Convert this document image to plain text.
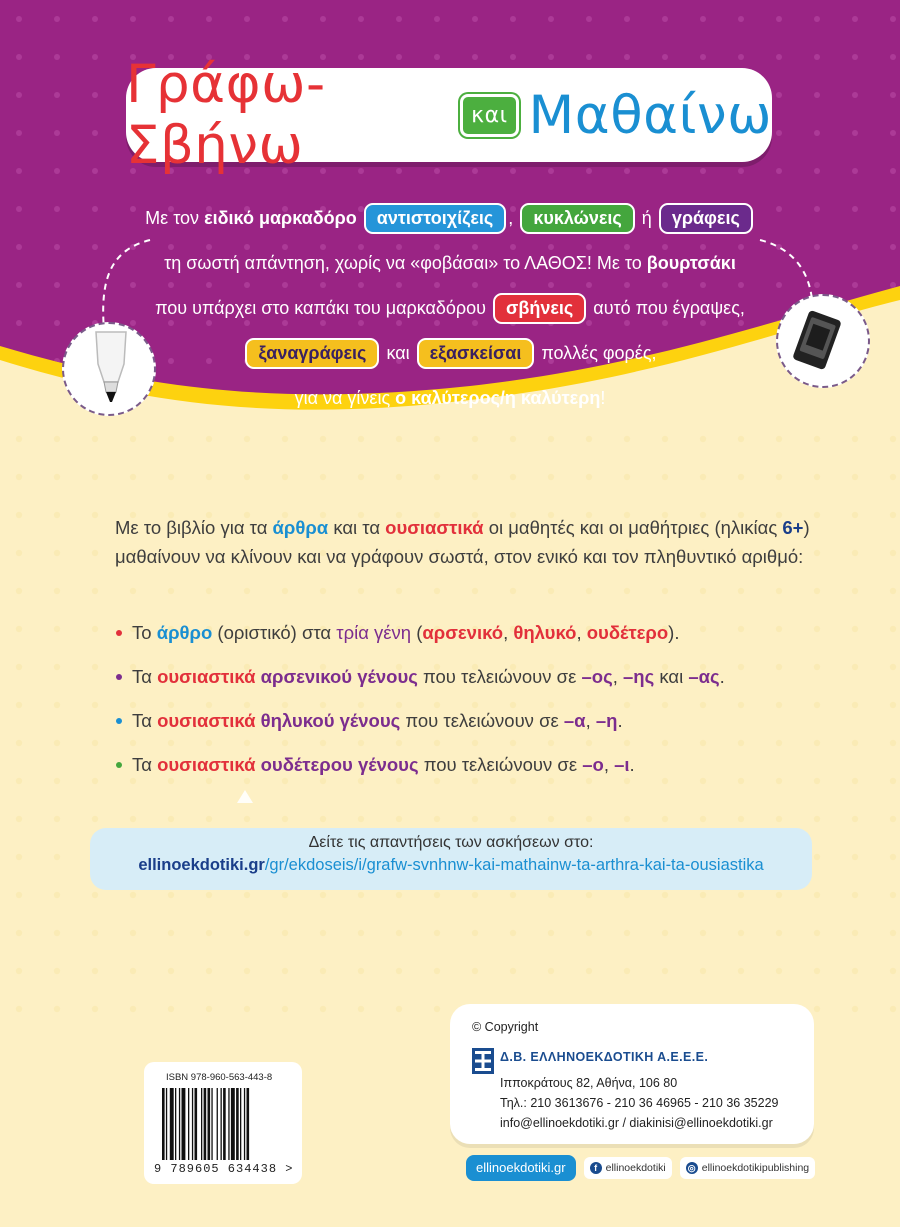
Γράφω-Σβήνω	και Μαθαίνω
Με τον ειδικό μαρκαδόρο αντιστοιχίζεις , κυκλώνεις ή γράφεις
τη σωστή απάντηση, χωρίς να «φοβάσαι» το ΛΑΘΟΣ! Με το βουρτσάκι
που υπάρχει στο καπάκι του μαρκαδόρου σβήνεις αυτό που έγραψες,
ξαναγράφεις και εξασκείσαι πολλές φορές,
για να γίνεις ο καλύτερος/η καλύτερη!
Με το βιβλίο για τα άρθρα και τα ουσιαστικά οι μαθητές και οι μαθήτριες (ηλικίας 6+) μαθαίνουν να κλίνουν και να γράφουν σωστά, στον ενικό και τον πληθυντικό αριθμό:
Το άρθρο (οριστικό) στα τρία γένη (αρσενικό, θηλυκό, ουδέτερο).
Τα ουσιαστικά αρσενικού γένους που τελειώνουν σε –ος, –ης και –ας.
Τα ουσιαστικά θηλυκού γένους που τελειώνουν σε –α, –η.
Τα ουσιαστικά ουδέτερου γένους που τελειώνουν σε –ο, –ι.
Δείτε τις απαντήσεις των ασκήσεων στο:
ellinoekdotiki.gr/gr/ekdoseis/i/grafw-svnhnw-kai-mathainw-ta-arthra-kai-ta-ousiastika
ISBN 978-960-563-443-8
9 789605 634438 >
© Copyright
Δ.Β. ΕΛΛΗΝΟΕΚΔΟΤΙΚΗ Α.Ε.Ε.Ε.
Ιπποκράτους 82, Αθήνα, 106 80
Τηλ.: 210 3613676 - 210 36 46965 - 210 36 35229
info@ellinoekdotiki.gr / diakinisi@ellinoekdotiki.gr
ellinoekdotiki.gr	f ellinoekdotiki ◎ ellinoekdotikipublishing
